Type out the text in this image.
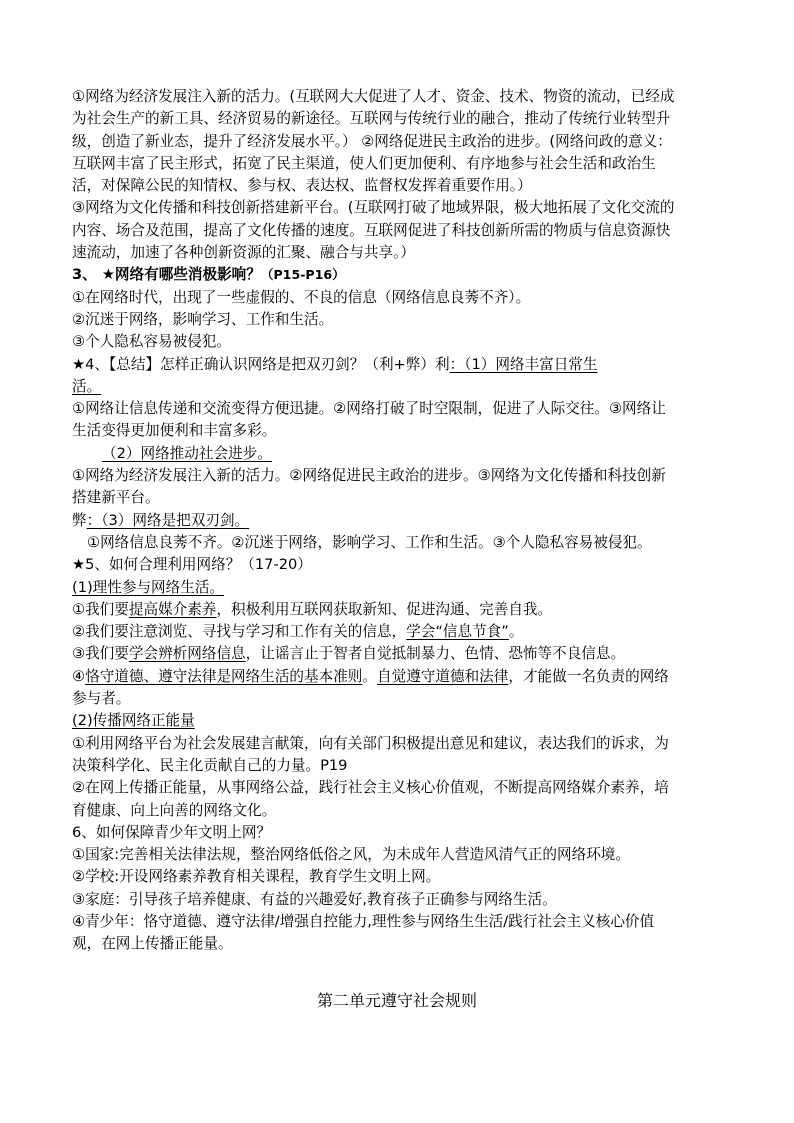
①网络为经济发展注入新的活力。(互联网大大促进了人才、资金、技术、物资的流动，已经成
为社会生产的新工具、经济贸易的新途径。互联网与传统行业的融合，推动了传统行业转型升
级，创造了新业态，提升了经济发展水平。） ②网络促进民主政治的进步。(网络问政的意义：
互联网丰富了民主形式，拓宽了民主渠道，使人们更加便利、有序地参与社会生活和政治生
活，对保障公民的知情权、参与权、表达权、监督权发挥着重要作用。）
③网络为文化传播和科技创新搭建新平台。(互联网打破了地域界限，极大地拓展了文化交流的
内容、场合及范围，提高了文化传播的速度。互联网促进了科技创新所需的物质与信息资源快
速流动，加速了各种创新资源的汇聚、融合与共享。）
3、 ★网络有哪些消极影响？（P15-P16）
①在网络时代，出现了一些虚假的、不良的信息（网络信息良莠不齐）。
②沉迷于网络，影响学习、工作和生活。
③个人隐私容易被侵犯。
★4、【总结】怎样正确认识网络是把双刃剑？（利+弊）利：（1）网络丰富日常生
活。
①网络让信息传递和交流变得方便迅捷。②网络打破了时空限制，促进了人际交往。③网络让
生活变得更加便利和丰富多彩。
（2）网络推动社会进步。
①网络为经济发展注入新的活力。②网络促进民主政治的进步。③网络为文化传播和科技创新
搭建新平台。
弊：（3）网络是把双刃剑。
①网络信息良莠不齐。②沉迷于网络，影响学习、工作和生活。③个人隐私容易被侵犯。
★5、如何合理利用网络？（17-20）
(1)理性参与网络生活。
①我们要提高媒介素养，积极利用互联网获取新知、促进沟通、完善自我。
②我们要注意浏览、寻找与学习和工作有关的信息，学会“信息节食”。
③我们要学会辨析网络信息，让谣言止于智者自觉抵制暴力、色情、恐怖等不良信息。
④恪守道德、遵守法律是网络生活的基本准则。自觉遵守道德和法律，才能做一名负责的网络
参与者。
(2)传播网络正能量
①利用网络平台为社会发展建言献策，向有关部门积极提出意见和建议，表达我们的诉求，为
决策科学化、民主化贡献自己的力量。P19
②在网上传播正能量，从事网络公益，践行社会主义核心价值观，不断提高网络媒介素养，培
育健康、向上向善的网络文化。
6、如何保障青少年文明上网？
①国家:完善相关法律法规，整治网络低俗之风，为未成年人营造风清气正的网络环境。
②学校:开设网络素养教育相关课程，教育学生文明上网。
③家庭：引导孩子培养健康、有益的兴趣爱好,教育孩子正确参与网络生活。
④青少年：恪守道德、遵守法律/增强自控能力,理性参与网络生生活/践行社会主义核心价值
观，在网上传播正能量。
第二单元遵守社会规则
